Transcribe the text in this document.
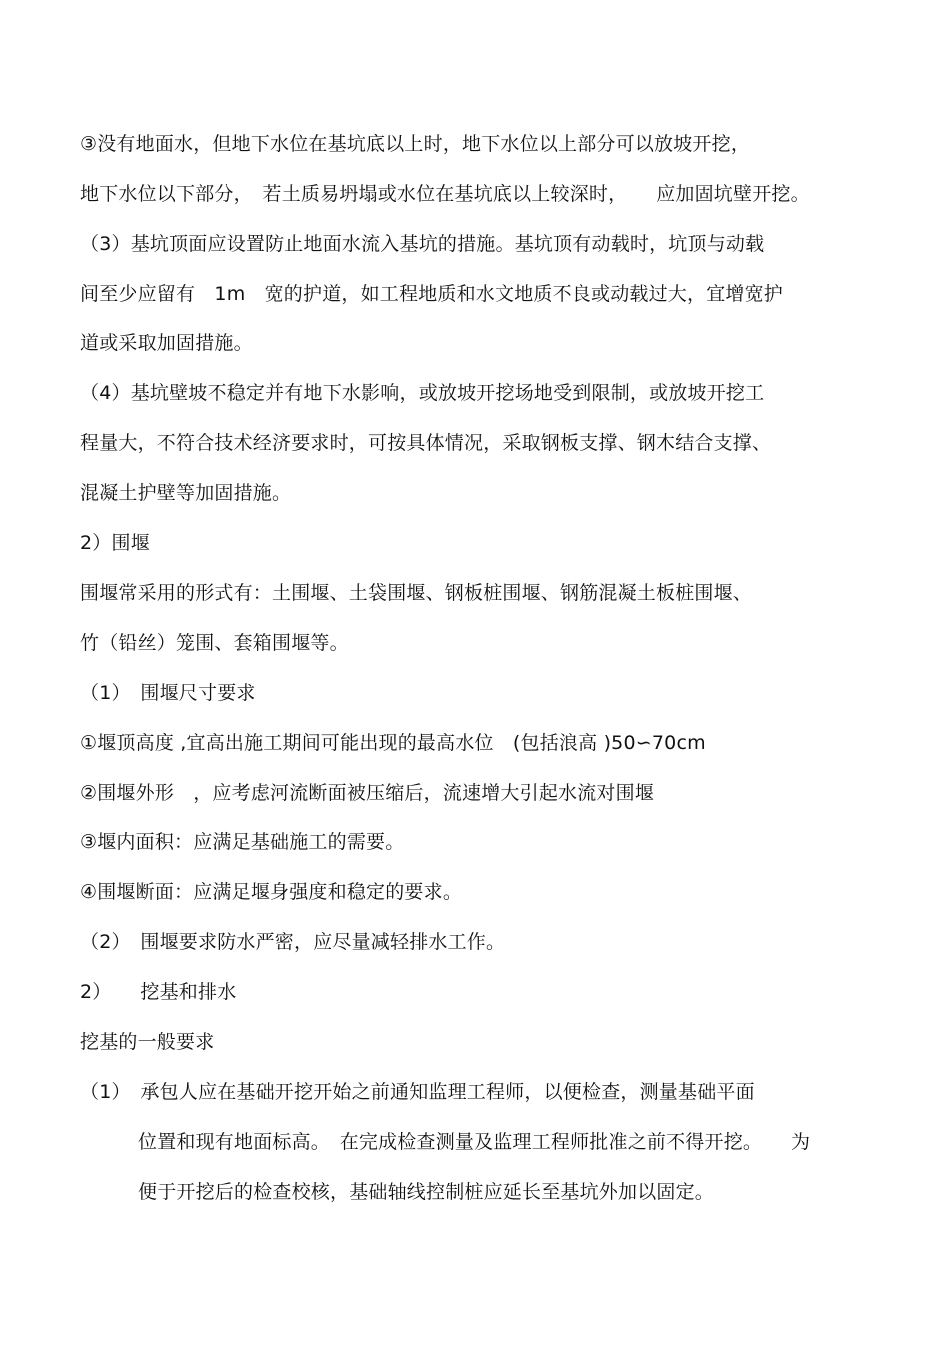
③没有地面水，但地下水位在基坑底以上时，地下水位以上部分可以放坡开挖，
地下水位以下部分，　若土质易坍塌或水位在基坑底以上较深时，　　应加固坑壁开挖。
（3）基坑顶面应设置防止地面水流入基坑的措施。基坑顶有动载时，坑顶与动载
间至少应留有　1m　宽的护道，如工程地质和水文地质不良或动载过大，宜增宽护
道或采取加固措施。
（4）基坑壁坡不稳定并有地下水影响，或放坡开挖场地受到限制，或放坡开挖工
程量大，不符合技术经济要求时，可按具体情况，采取钢板支撑、钢木结合支撑、
混凝土护壁等加固措施。
2）围堰
围堰常采用的形式有：土围堰、土袋围堰、钢板桩围堰、钢筋混凝土板桩围堰、
竹（铅丝）笼围、套箱围堰等。
（1）　围堰尺寸要求
①堰顶高度 ,宜高出施工期间可能出现的最高水位　(包括浪高 )50∽70cm
②围堰外形　，应考虑河流断面被压缩后，流速增大引起水流对围堰
③堰内面积：应满足基础施工的需要。
④围堰断面：应满足堰身强度和稳定的要求。
（2）　围堰要求防水严密，应尽量减轻排水工作。
2）　　挖基和排水
挖基的一般要求
（1）　承包人应在基础开挖开始之前通知监理工程师，以便检查，测量基础平面
位置和现有地面标高。　在完成检查测量及监理工程师批准之前不得开挖。　　为
便于开挖后的检查校核，基础轴线控制桩应延长至基坑外加以固定。
